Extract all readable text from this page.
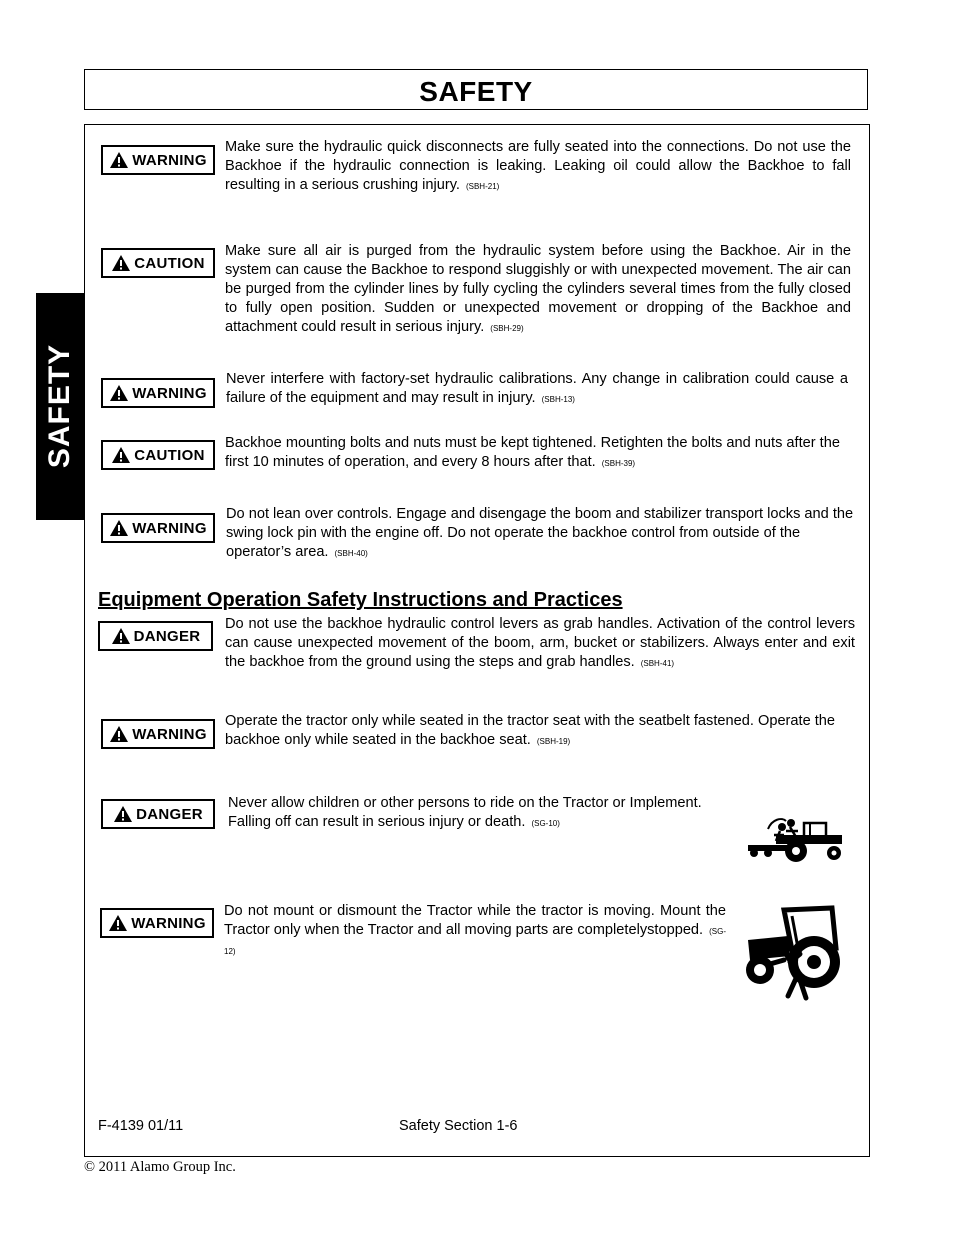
SAFETY
SAFETY
WARNING
Make sure the hydraulic quick disconnects are fully seated into the connections. Do not use the Backhoe if the hydraulic connection is leaking. Leaking oil could allow the Backhoe to fall resulting in a serious crushing injury. (SBH-21)
CAUTION
Make sure all air is purged from the hydraulic system before using the Backhoe. Air in the system can cause the Backhoe to respond sluggishly or with unexpected movement. The air can be purged from the cylinder lines by fully cycling the cylinders several times from the fully closed to fully open position. Sudden or unexpected movement or dropping of the Backhoe and attachment could result in serious injury. (SBH-29)
WARNING
Never interfere with factory-set hydraulic calibrations. Any change in calibration could cause a failure of the equipment and may result in injury. (SBH-13)
CAUTION
Backhoe mounting bolts and nuts must be kept tightened. Retighten the bolts and nuts after the first 10 minutes of operation, and every 8 hours after that. (SBH-39)
WARNING
Do not lean over controls. Engage and disengage the boom and stabilizer transport locks and the swing lock pin with the engine off. Do not operate the backhoe control from outside of the operator’s area. (SBH-40)
Equipment Operation Safety Instructions and Practices
DANGER
Do not use the backhoe hydraulic control levers as grab handles. Activation of the control levers can cause unexpected movement of the boom, arm, bucket or stabilizers. Always enter and exit the backhoe from the ground using the steps and grab handles. (SBH-41)
WARNING
Operate the tractor only while seated in the tractor seat with the seatbelt fastened. Operate the backhoe only while seated in the backhoe seat. (SBH-19)
DANGER
Never allow children or other persons to ride on the Tractor or Implement. Falling off can result in serious injury or death. (SG-10)
WARNING
Do not mount or dismount the Tractor while the tractor is moving. Mount the Tractor only when the Tractor and all moving parts are completelystopped. (SG-12)
F-4139 01/11	Safety Section 1-6
© 2011 Alamo Group Inc.
